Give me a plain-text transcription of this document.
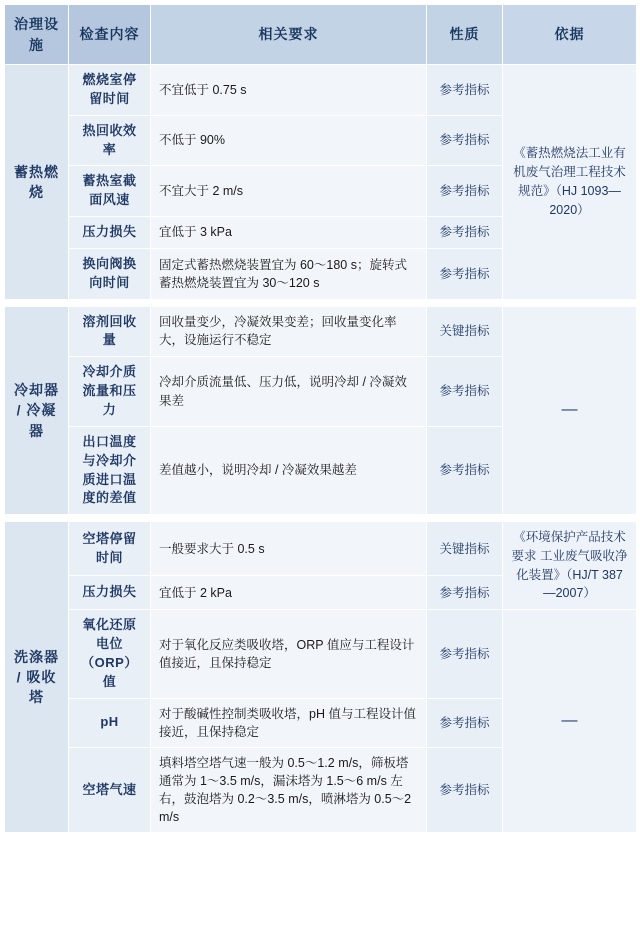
治理设施	检查内容	相关要求	性质	依据
蓄热燃烧	燃烧室停留时间	不宜低于 0.75 s	参考指标	《蓄热燃烧法工业有机废气治理工程技术规范》（HJ 1093—2020）
	热回收效率	不低于 90%	参考指标	
	蓄热室截面风速	不宜大于 2 m/s	参考指标	
	压力损失	宜低于 3 kPa	参考指标	
	换向阀换向时间	固定式蓄热燃烧装置宜为 60～180 s；旋转式蓄热燃烧装置宜为 30～120 s	参考指标	

冷却器 / 冷凝器	溶剂回收量	回收量变少，冷凝效果变差；回收量变化率大，设施运行不稳定	关键指标	—
	冷却介质流量和压力	冷却介质流量低、压力低，说明冷却 / 冷凝效果差	参考指标	
	出口温度与冷却介质进口温度的差值	差值越小，说明冷却 / 冷凝效果越差	参考指标	

洗涤器 / 吸收塔	空塔停留时间	一般要求大于 0.5 s	关键指标	《环境保护产品技术要求 工业废气吸收净化装置》（HJ/T 387—2007）
	压力损失	宜低于 2 kPa	参考指标	
	氧化还原电位（ORP）值	对于氧化反应类吸收塔，ORP 值应与工程设计值接近，且保持稳定	参考指标	—
	pH	对于酸碱性控制类吸收塔，pH 值与工程设计值接近，且保持稳定	参考指标	
	空塔气速	填料塔空塔气速一般为 0.5～1.2 m/s，筛板塔通常为 1～3.5 m/s，漏沫塔为 1.5～6 m/s 左右，鼓泡塔为 0.2～3.5 m/s，喷淋塔为 0.5～2 m/s	参考指标	
